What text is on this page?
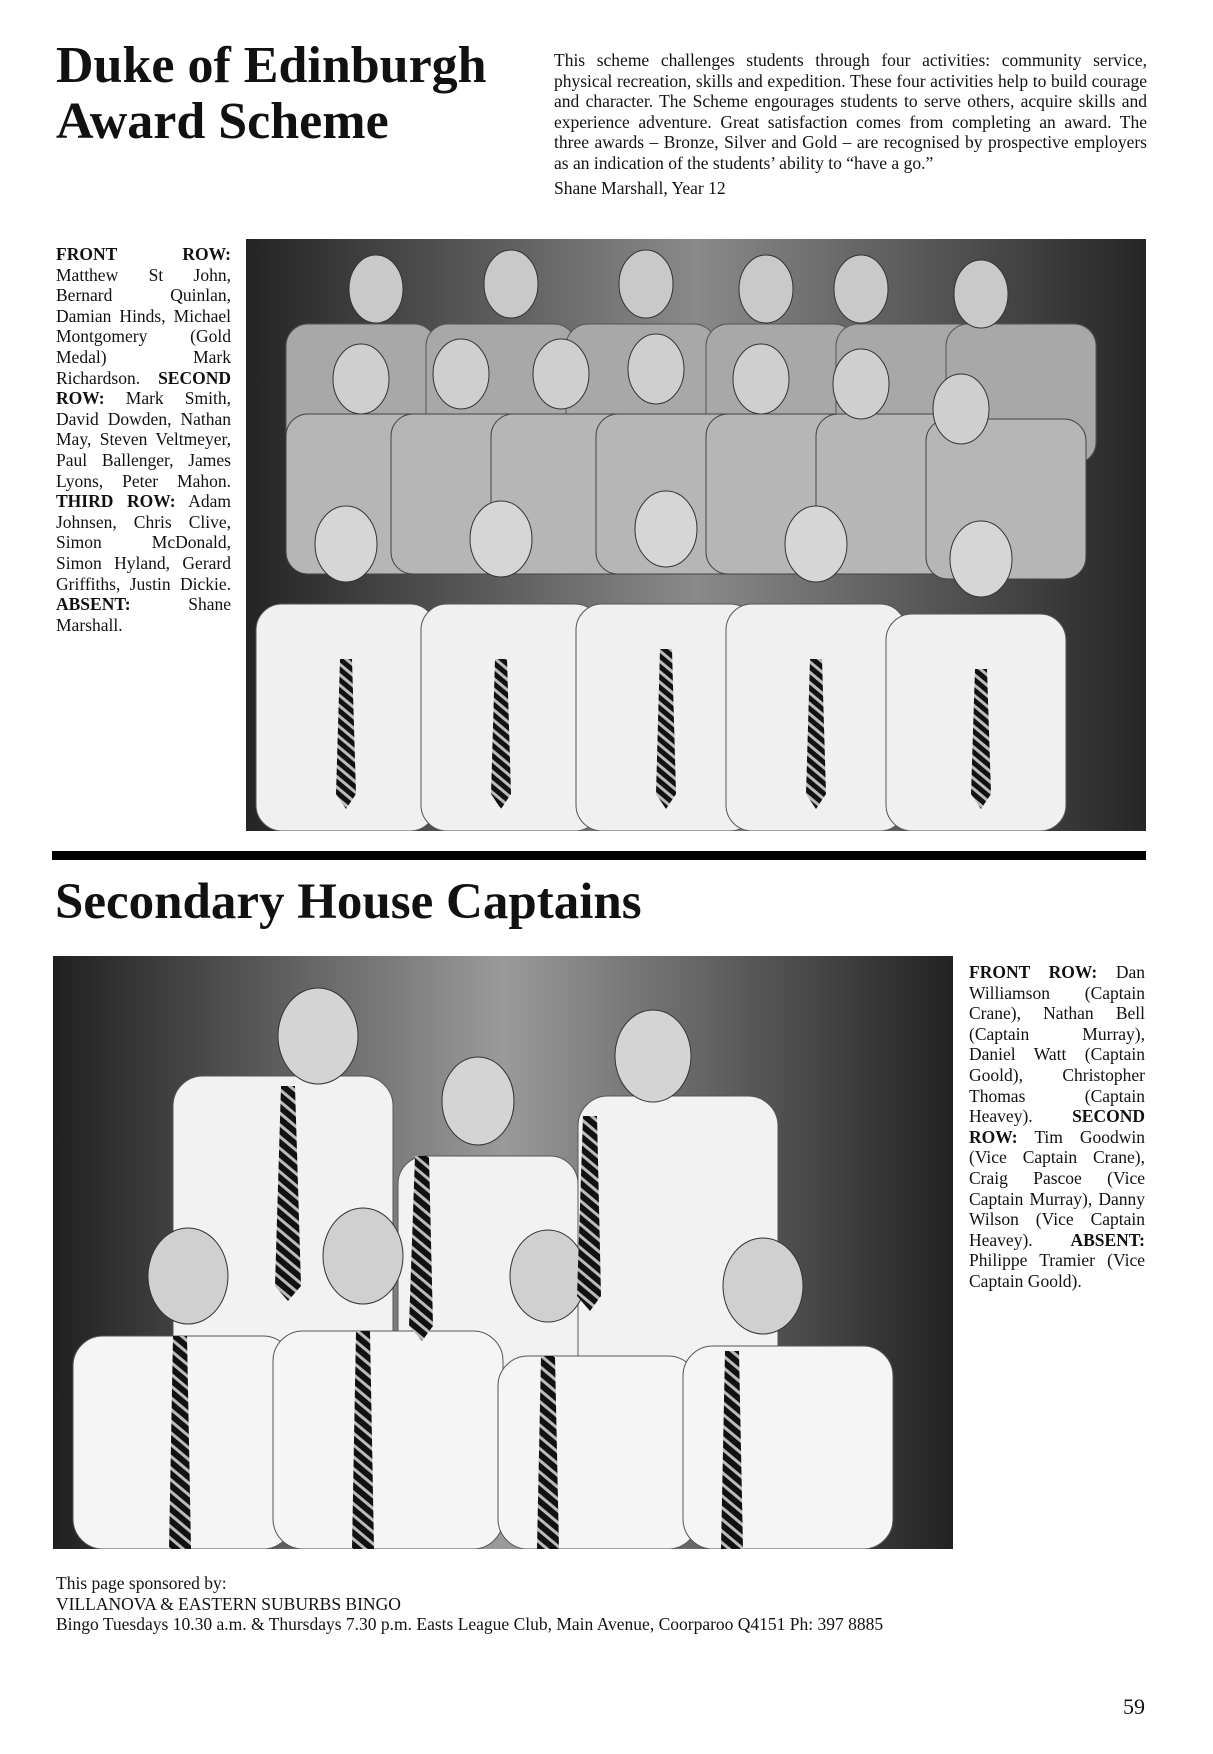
Duke of Edinburgh
Award Scheme

This scheme challenges students through four activities: community service, physical recreation, skills and expedition. These four activities help to build courage and character. The Scheme engourages students to serve others, acquire skills and experience adventure. Great satisfaction comes from completing an award. The three awards – Bronze, Silver and Gold – are recognised by prospective employers as an indication of the students’ ability to “have a go.”

Shane Marshall, Year 12

FRONT ROW: Matthew St John, Bernard Quinlan, Damian Hinds, Michael Montgomery (Gold Medal) Mark Richardson. SECOND ROW: Mark Smith, David Dowden, Nathan May, Steven Veltmeyer, Paul Ballenger, James Lyons, Peter Mahon. THIRD ROW: Adam Johnsen, Chris Clive, Simon McDonald, Simon Hyland, Gerard Griffiths, Justin Dickie. ABSENT:	Shane Marshall.
Secondary House Captains
FRONT ROW: Dan Williamson (Captain Crane), Nathan Bell (Captain Murray), Daniel Watt (Captain Goold), Christopher Thomas (Captain Heavey). SECOND ROW: Tim Goodwin (Vice Captain Crane), Craig Pascoe (Vice Captain Murray), Danny Wilson (Vice Captain Heavey). ABSENT: Philippe Tramier (Vice Captain Goold).
This page sponsored by:
VILLANOVA & EASTERN SUBURBS BINGO
Bingo Tuesdays 10.30 a.m. & Thursdays 7.30 p.m. Easts League Club, Main Avenue, Coorparoo Q4151 Ph: 397 8885
59
